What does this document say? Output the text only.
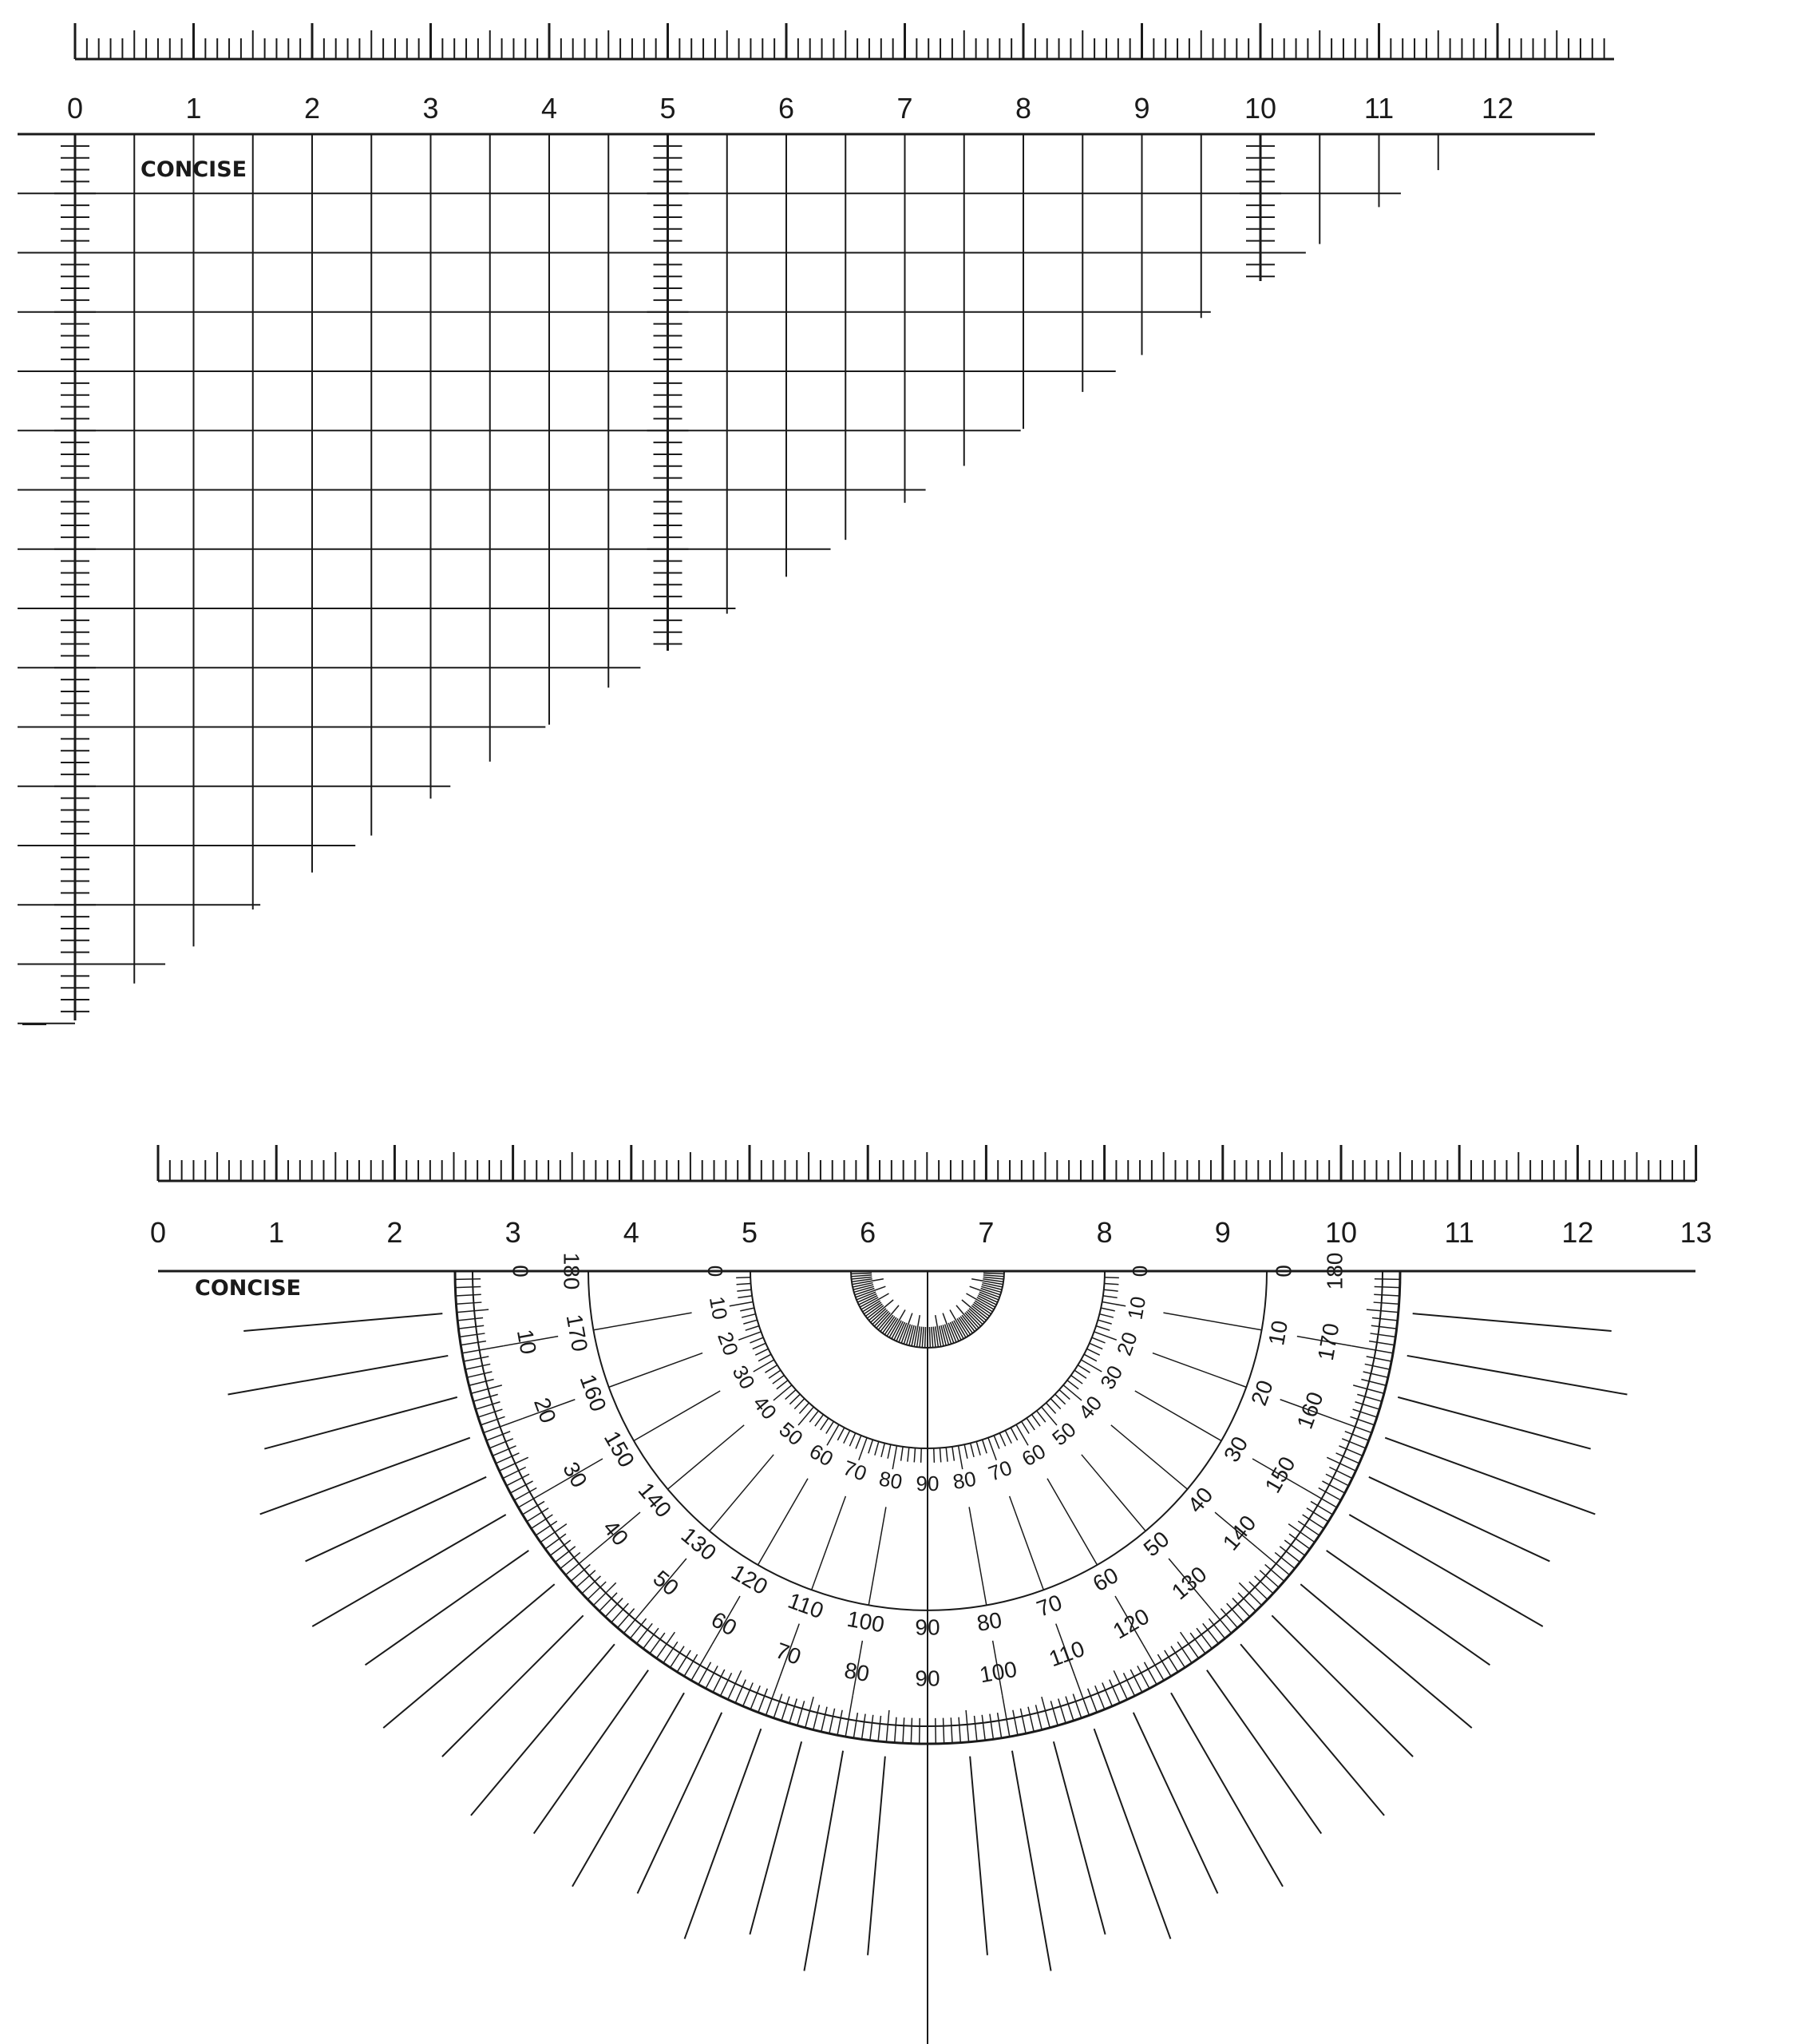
0	1	2	3	4	5	6	7	8	9	10	11	12
CONCISE
0	1	2	3	4	5	6	7	8	9	10	11	12	13
0
10
20
30
40
50
60
70
80 90 100
110
120
130
140
150
160
170
180
0
10
20
30
40
50
60
70
80
90
100
110
120
130
140
150
160
170
180	0
10
20
30
40
50
60
70
80
90
80
70
60
50
40
30
20
10
0
CONCISE
